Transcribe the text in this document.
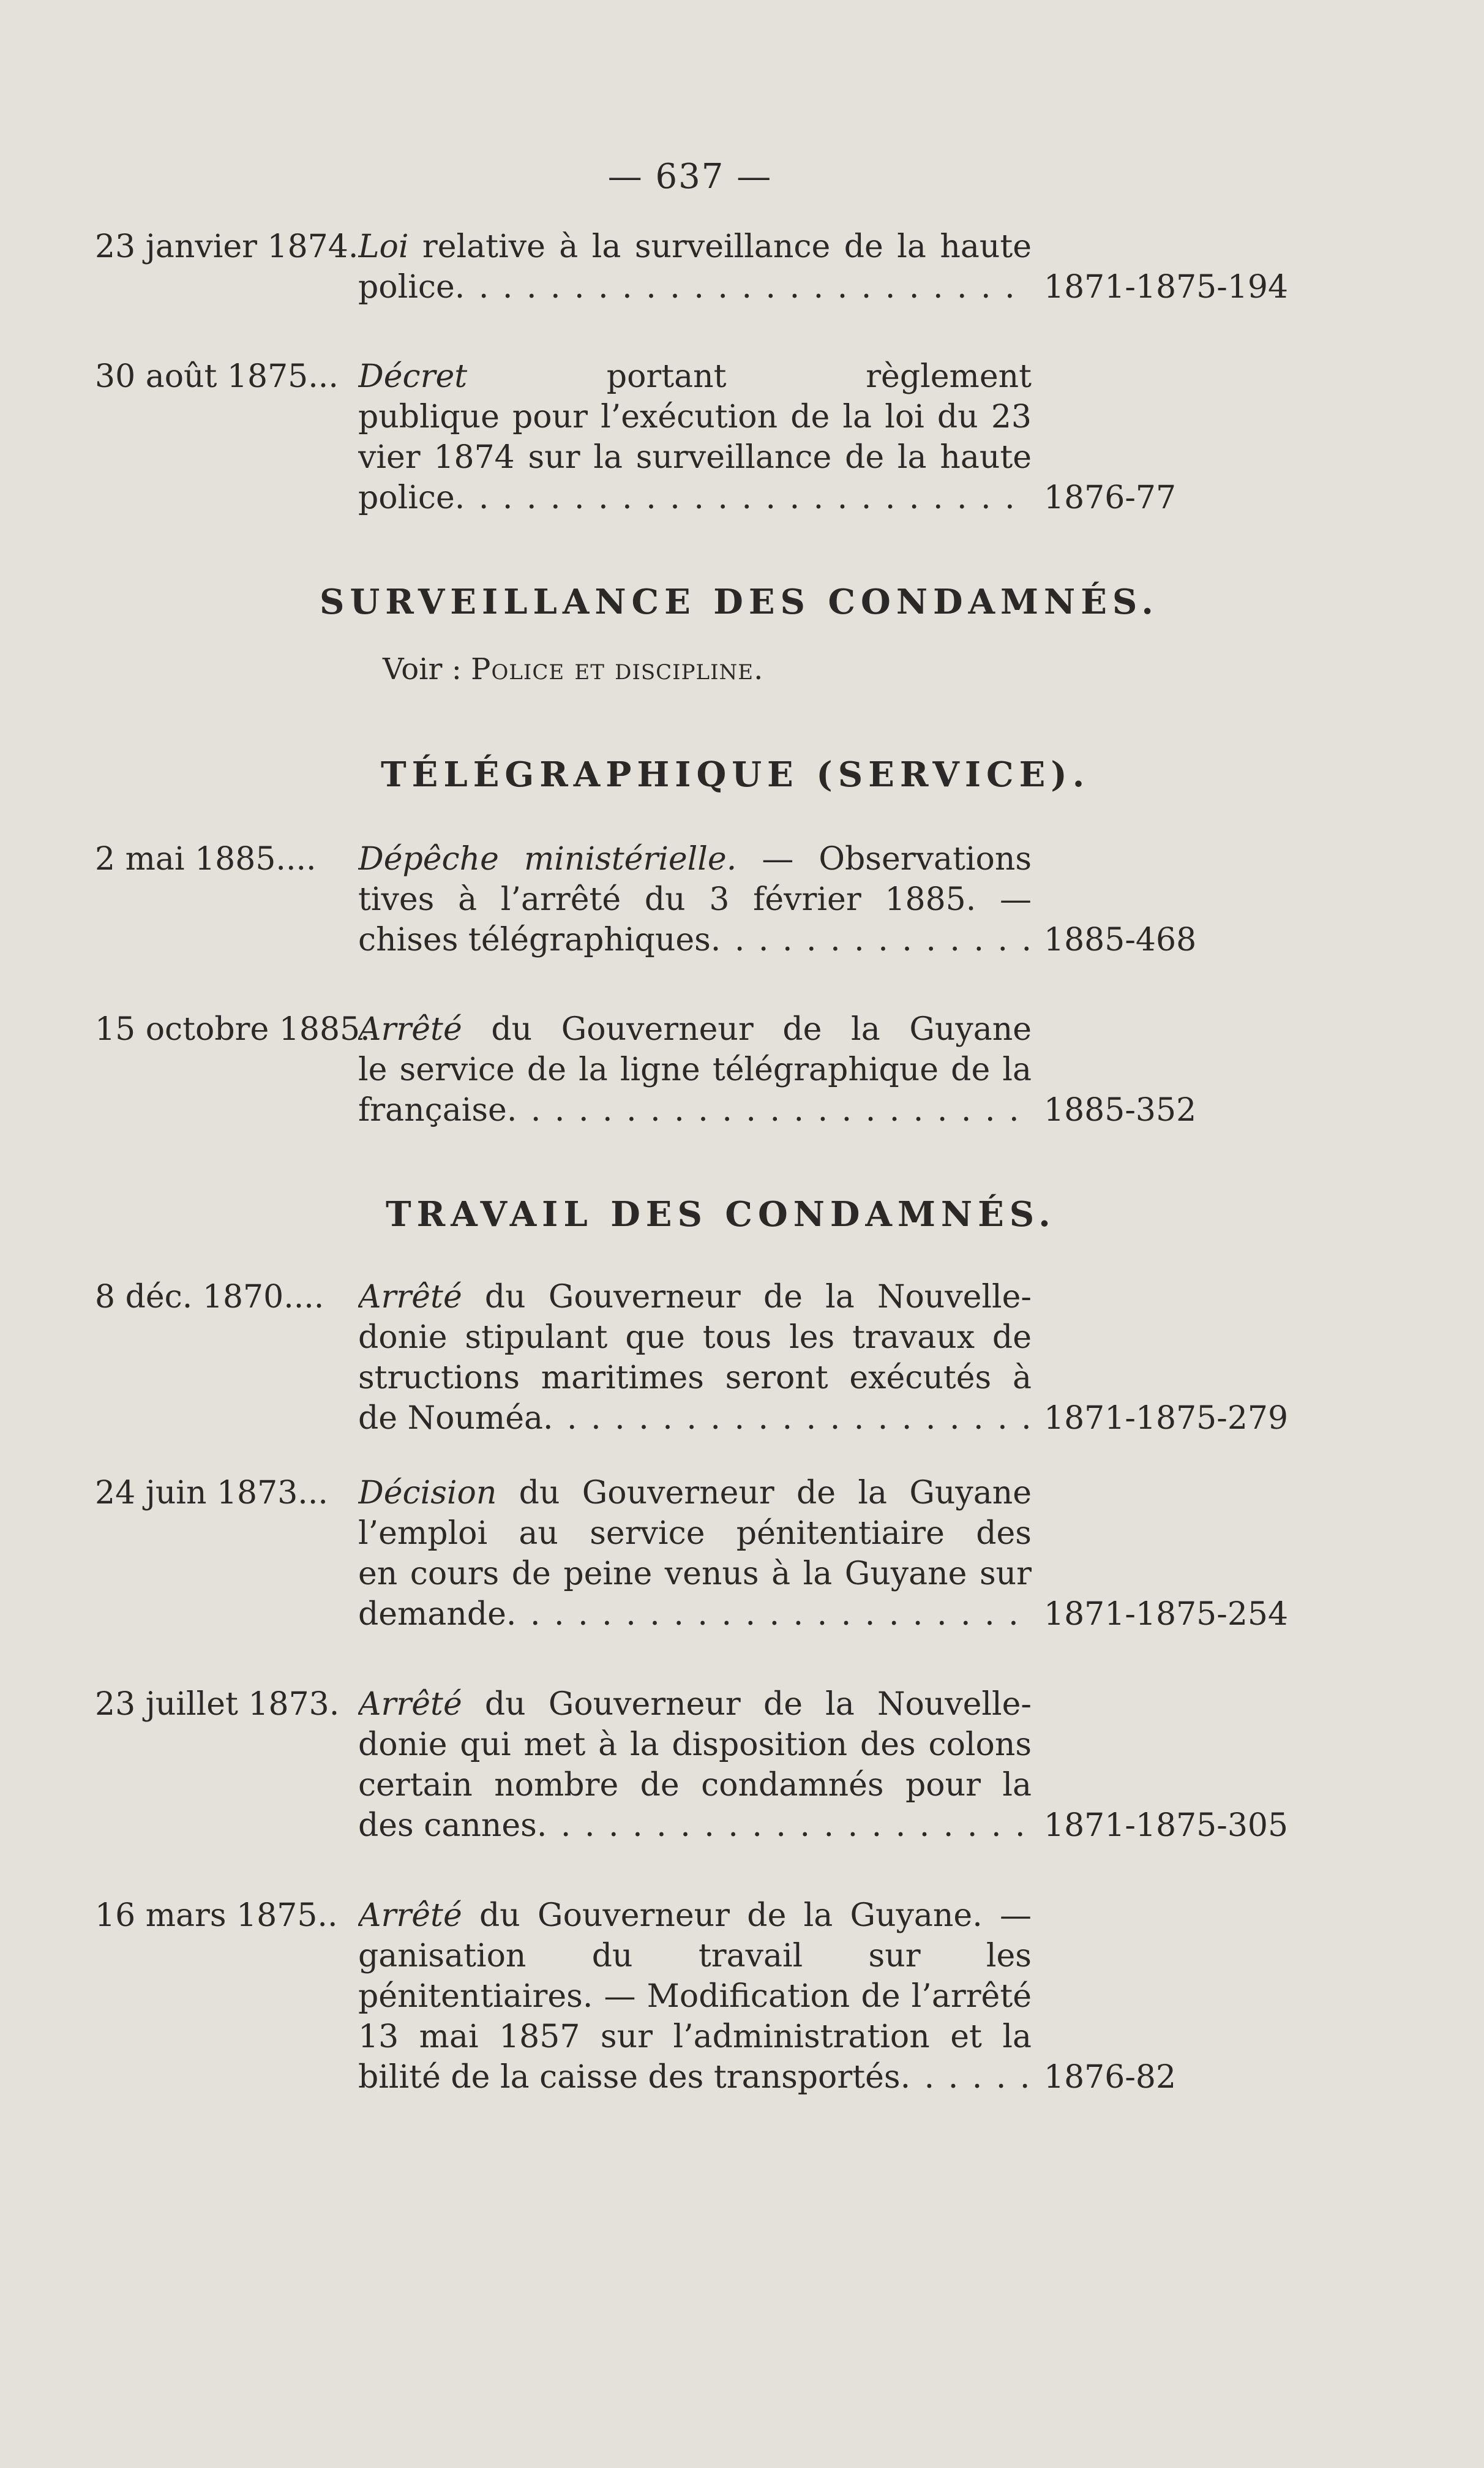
— 637 —
23 janvier 1874. Loi relative à la surveillance de la haute
police . . .	1871-1875-194
30 août 1875... Décret	portant règlement
publique pour l’exécution de la loi du 23
vier 1874 sur la surveillance de la haute
police . . .	1876-77
SURVEILLANCE DES CONDAMNÉS.
Voir : Police et discipline.
TÉLÉGRAPHIQUE (SERVICE).
2 mai 1885....	Dépêche ministérielle. — Observations
tives à l’arrêté du 3 février 1885. —
chises télégraphiques . . .	1885-468
15 octobre 1885.
Arrêté du Gouverneur de la Guyane
le service de la ligne télégraphique de la
française . . .	1885-352
TRAVAIL DES CONDAMNÉS.
8 déc. 1870....	Arrêté du Gouverneur de la Nouvelle-
donie stipulant que tous les travaux de
structions maritimes seront exécutés à
de Nouméa . . .	1871-1875-279
24 juin 1873... Décision du Gouverneur de la Guyane
l’emploi au service pénitentiaire des
en cours de peine venus à la Guyane sur
demande . . .	1871-1875-254
23 juillet 1873. Arrêté du Gouverneur de la Nouvelle-
donie qui met à la disposition des colons
certain nombre de condamnés pour la
des cannes . . .	1871-1875-305
16 mars 1875.. Arrêté du Gouverneur de la Guyane. —
ganisation du travail sur les
pénitentiaires. — Modification de l’arrêté
13 mai 1857 sur l’administration et la
bilité de la caisse des transportés . . .	1876-82
